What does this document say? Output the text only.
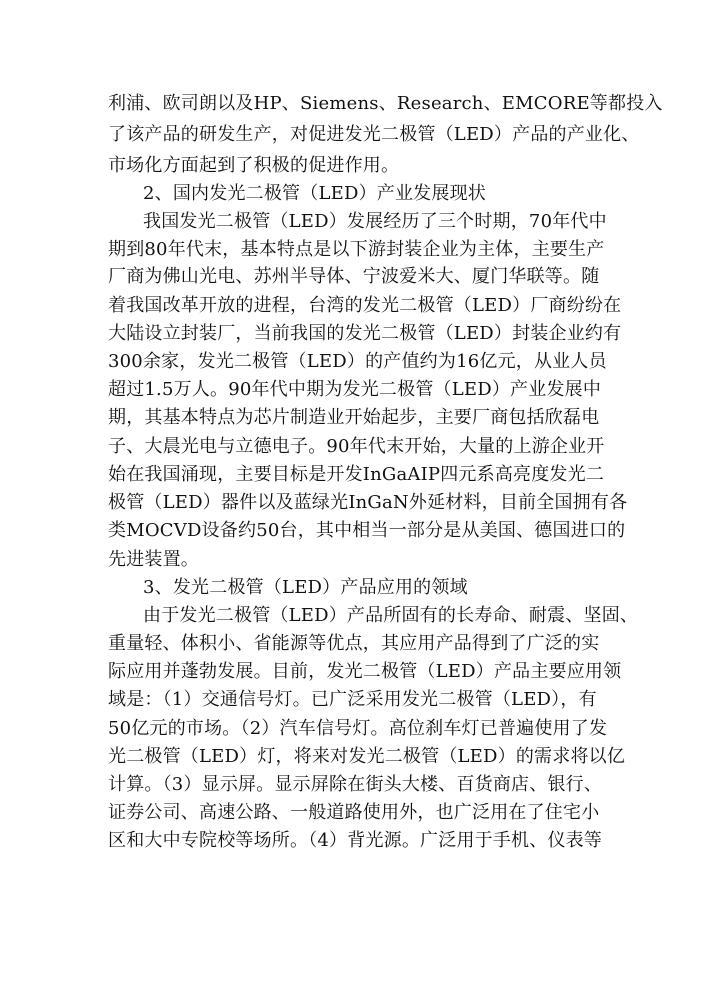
利浦、欧司朗以及HP、Siemens、Research、EMCORE等都投入
了该产品的研发生产，对促进发光二极管（LED）产品的产业化、
市场化方面起到了积极的促进作用。
2、国内发光二极管（LED）产业发展现状
我国发光二极管（LED）发展经历了三个时期，70年代中
期到80年代末，基本特点是以下游封装企业为主体，主要生产
厂商为佛山光电、苏州半导体、宁波爱米大、厦门华联等。随
着我国改革开放的进程，台湾的发光二极管（LED）厂商纷纷在
大陆设立封装厂，当前我国的发光二极管（LED）封装企业约有
300余家，发光二极管（LED）的产值约为16亿元，从业人员
超过1.5万人。90年代中期为发光二极管（LED）产业发展中
期，其基本特点为芯片制造业开始起步，主要厂商包括欣磊电
子、大晨光电与立德电子。90年代末开始，大量的上游企业开
始在我国涌现，主要目标是开发InGaAIP四元系高亮度发光二
极管（LED）器件以及蓝绿光InGaN外延材料，目前全国拥有各
类MOCVD设备约50台，其中相当一部分是从美国、德国进口的
先进装置。
3、发光二极管（LED）产品应用的领域
由于发光二极管（LED）产品所固有的长寿命、耐震、坚固、
重量轻、体积小、省能源等优点，其应用产品得到了广泛的实
际应用并蓬勃发展。目前，发光二极管（LED）产品主要应用领
域是：（1）交通信号灯。已广泛采用发光二极管（LED），有
50亿元的市场。（2）汽车信号灯。高位刹车灯已普遍使用了发
光二极管（LED）灯，将来对发光二极管（LED）的需求将以亿
计算。（3）显示屏。显示屏除在街头大楼、百货商店、银行、
证券公司、高速公路、一般道路使用外，也广泛用在了住宅小
区和大中专院校等场所。（4）背光源。广泛用于手机、仪表等
